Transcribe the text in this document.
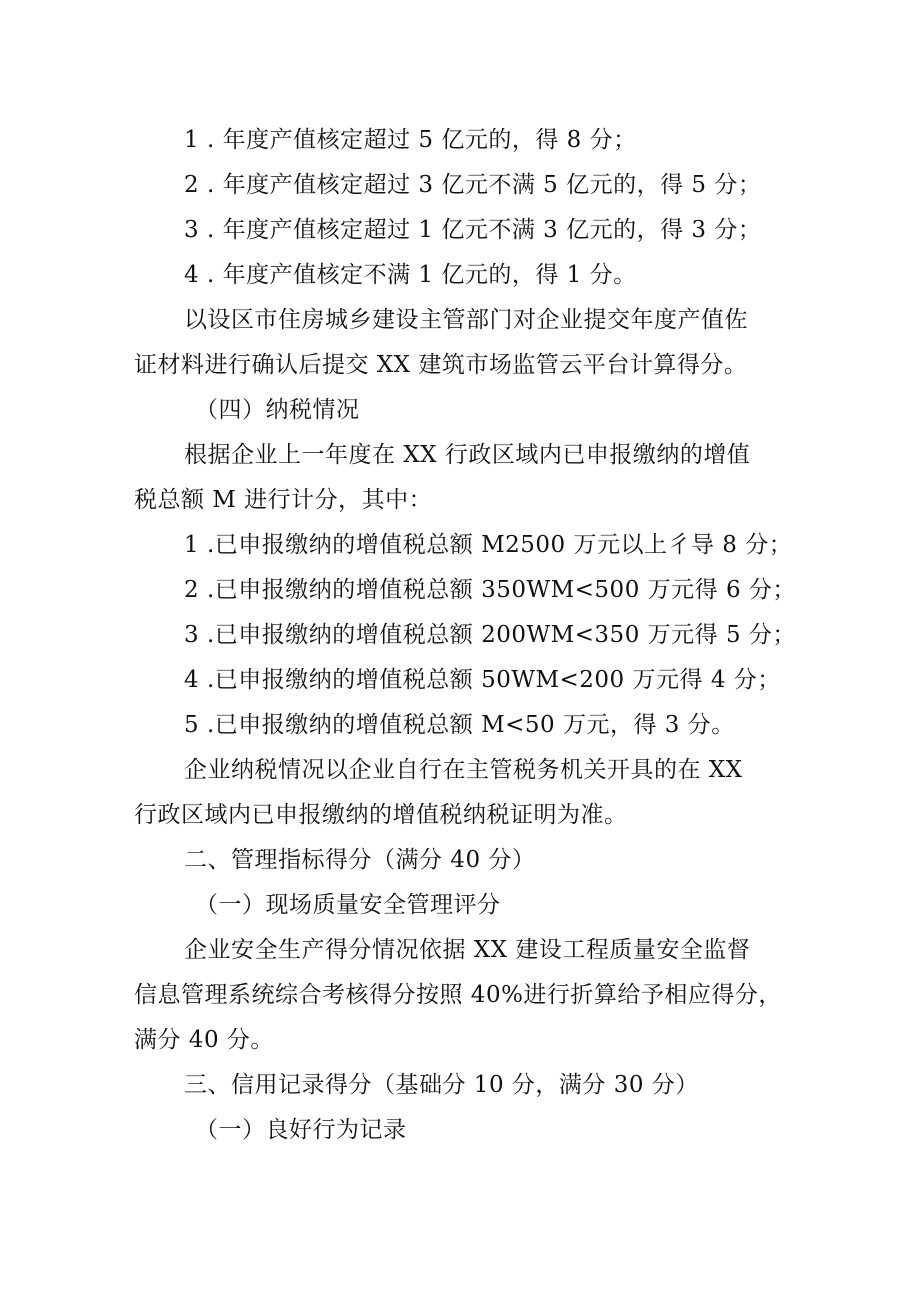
1 . 年度产值核定超过 5 亿元的，得 8 分；
2 . 年度产值核定超过 3 亿元不满 5 亿元的，得 5 分；
3 . 年度产值核定超过 1 亿元不满 3 亿元的，得 3 分；
4 . 年度产值核定不满 1 亿元的，得 1 分。
以设区市住房城乡建设主管部门对企业提交年度产值佐
证材料进行确认后提交 XX 建筑市场监管云平台计算得分。
（四）纳税情况
根据企业上一年度在 XX 行政区域内已申报缴纳的增值
税总额 M 进行计分，其中：
1 .已申报缴纳的增值税总额 M2500 万元以上彳导 8 分；
2 .已申报缴纳的增值税总额 350WM<500 万元得 6 分；
3 .已申报缴纳的增值税总额 200WM<350 万元得 5 分；
4 .已申报缴纳的增值税总额 50WM<200 万元得 4 分；
5 .已申报缴纳的增值税总额 M<50 万元，得 3 分。
企业纳税情况以企业自行在主管税务机关开具的在 XX
行政区域内已申报缴纳的增值税纳税证明为准。
二、管理指标得分（满分 40 分）
（一）现场质量安全管理评分
企业安全生产得分情况依据 XX 建设工程质量安全监督
信息管理系统综合考核得分按照 40%进行折算给予相应得分，
满分 40 分。
三、信用记录得分（基础分 10 分，满分 30 分）
（一）良好行为记录
